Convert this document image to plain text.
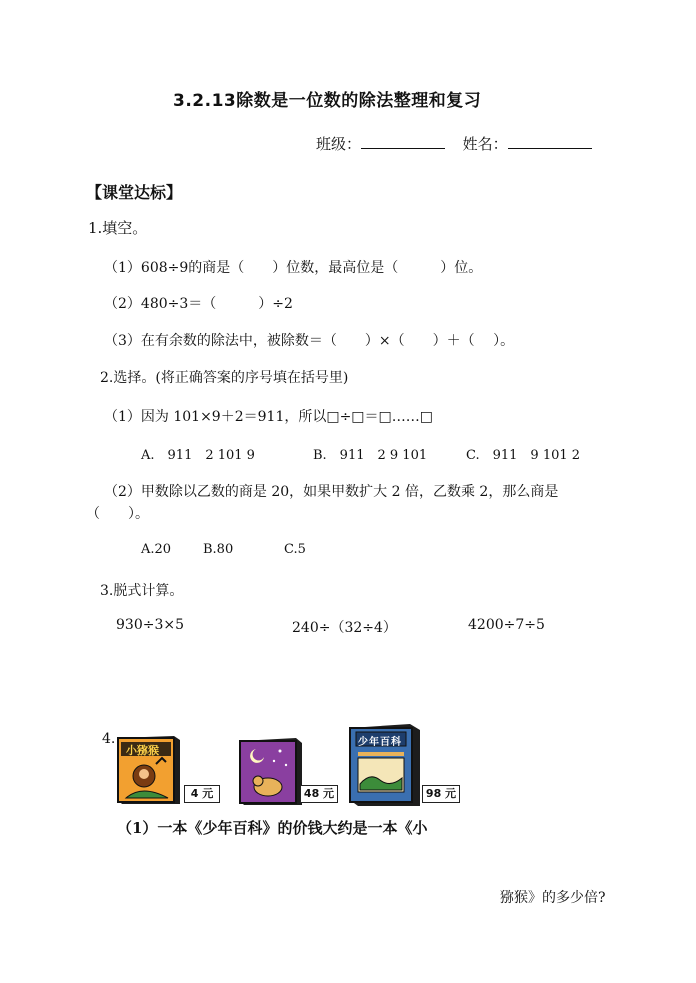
3.2.13除数是一位数的除法整理和复习
班级：	姓名：
【课堂达标】
1.填空。
（1）608÷9的商是（　　）位数，最高位是（　　　）位。
（2）480÷3＝（　　　）÷2
（3）在有余数的除法中，被除数＝（　　）×（　　）＋（　 ）。
2.选择。(将正确答案的序号填在括号里)
（1）因为 101×9＋2＝911，所以□÷□＝□……□
A.　911　2 101 9	B.　911　2 9 101	C.　911　9 101 2
（2）甲数除以乙数的商是 20，如果甲数扩大 2 倍，乙数乘 2，那么商是
（　　）。
A.20 B.80	C.5
3.脱式计算。
930÷3×5	240÷（32÷4）	4200÷7÷5
4.
小猕猴
4 元	48 元
少年百科
98 元
（1）一本《少年百科》的价钱大约是一本《小
猕猴》的多少倍?
